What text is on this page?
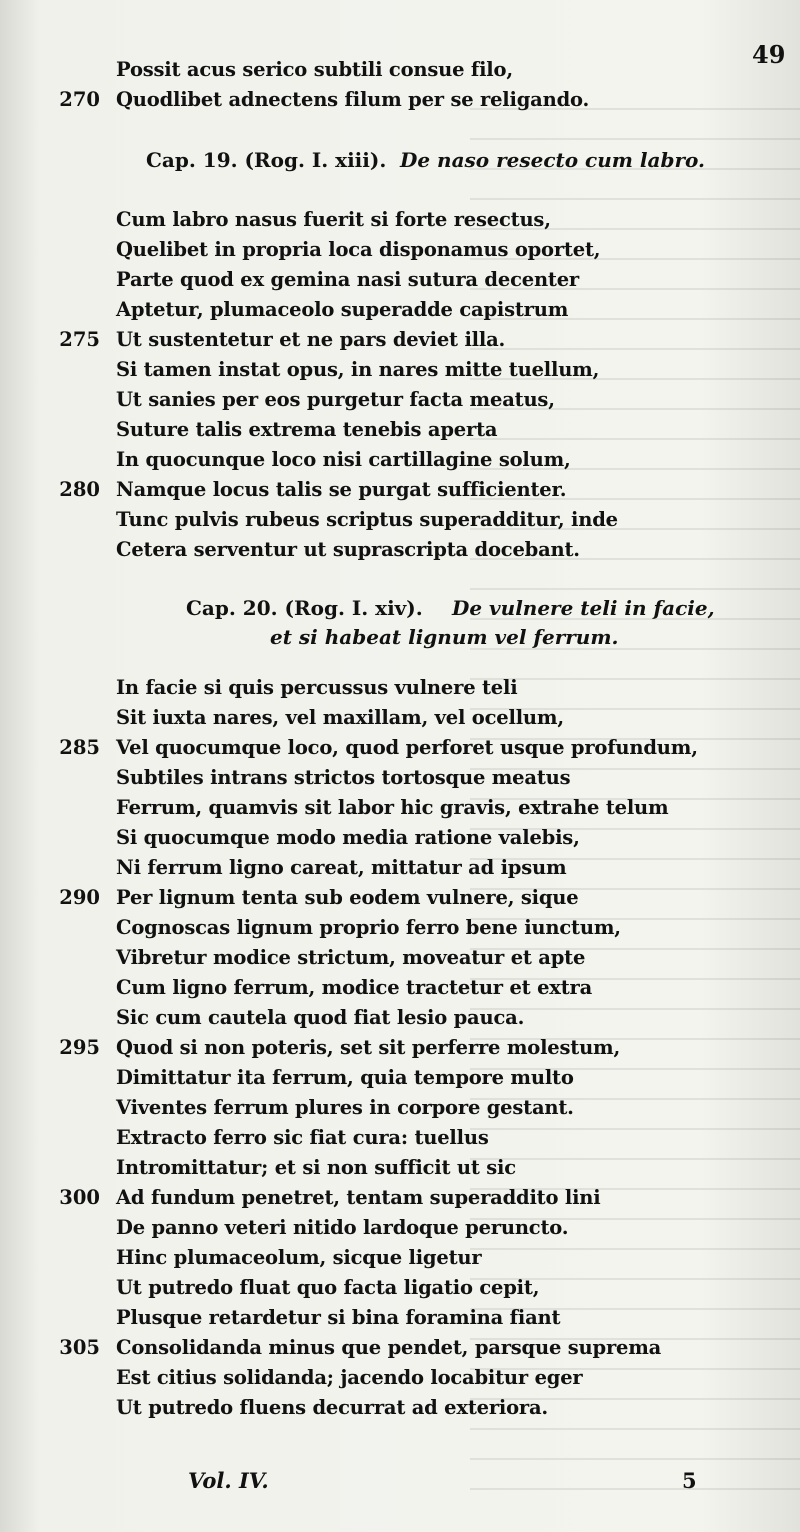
49
Possit acus serico subtili consue filo,
270 Quodlibet adnectens filum per se religando.
Cap. 19. (Rog. I. xiii). De naso resecto cum labro.
Cum labro nasus fuerit si forte resectus,
Quelibet in propria loca disponamus oportet,
Parte quod ex gemina nasi sutura decenter
Aptetur, plumaceolo superadde capistrum
275 Ut sustentetur et ne pars deviet illa.
Si tamen instat opus, in nares mitte tuellum,
Ut sanies per eos purgetur facta meatus,
Suture talis extrema tenebis aperta
In quocunque loco nisi cartillagine solum,
280 Namque locus talis se purgat sufficienter.
Tunc pulvis rubeus scriptus superadditur, inde
Cetera serventur ut suprascripta docebant.
Cap. 20. (Rog. I. xiv). De vulnere teli in facie,
et si habeat lignum vel ferrum.
In facie si quis percussus vulnere teli
Sit iuxta nares, vel maxillam, vel ocellum,
285 Vel quocumque loco, quod perforet usque profundum,
Subtiles intrans strictos tortosque meatus
Ferrum, quamvis sit labor hic gravis, extrahe telum
Si quocumque modo media ratione valebis,
Ni ferrum ligno careat, mittatur ad ipsum
290 Per lignum tenta sub eodem vulnere, sique
Cognoscas lignum proprio ferro bene iunctum,
Vibretur modice strictum, moveatur et apte
Cum ligno ferrum, modice tractetur et extra
Sic cum cautela quod fiat lesio pauca.
295 Quod si non poteris, set sit perferre molestum,
Dimittatur ita ferrum, quia tempore multo
Viventes ferrum plures in corpore gestant.
Extracto ferro sic fiat cura: tuellus
Intromittatur; et si non sufficit ut sic
300 Ad fundum penetret, tentam superaddito lini
De panno veteri nitido lardoque peruncto.
Hinc plumaceolum, sicque ligetur
Ut putredo fluat quo facta ligatio cepit,
Plusque retardetur si bina foramina fiant
305 Consolidanda minus que pendet, parsque suprema
Est citius solidanda; jacendo locabitur eger
Ut putredo fluens decurrat ad exteriora.
Vol. IV.	5
